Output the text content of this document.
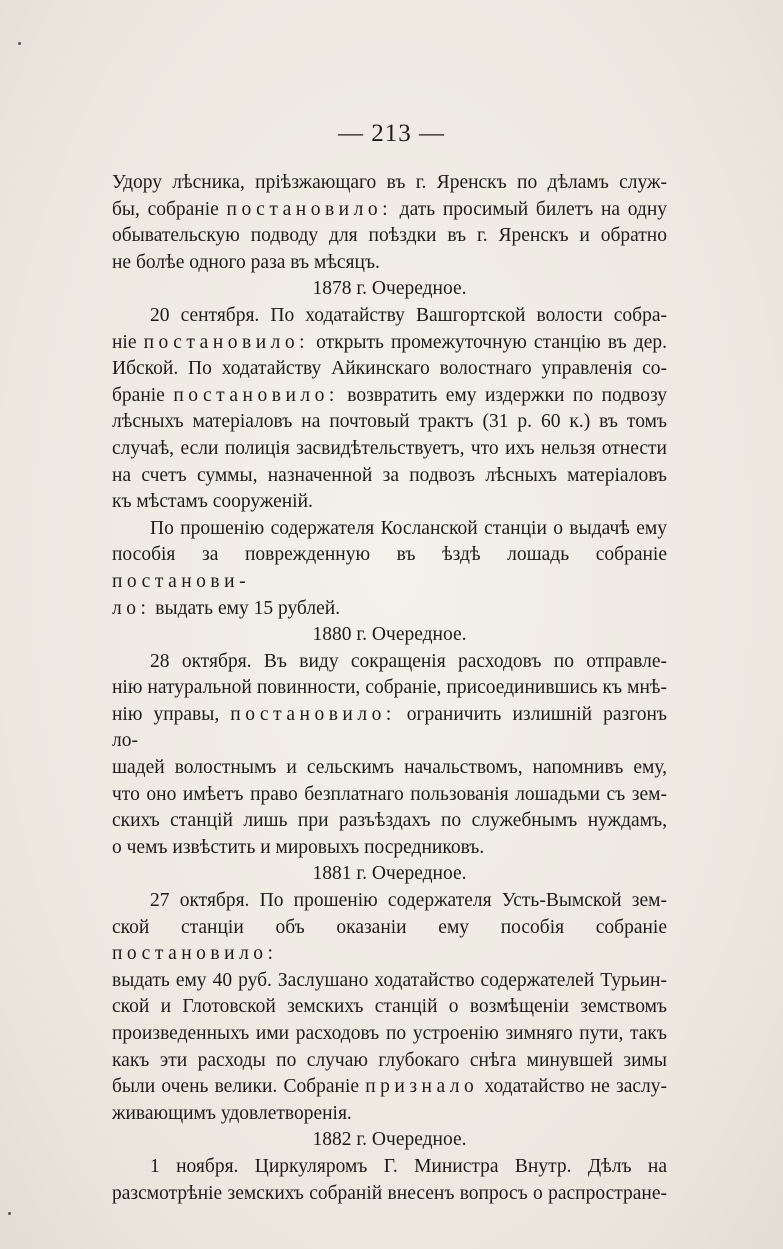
— 213 —

Удору лѣсника, пріѣзжающаго въ г. Яренскъ по дѣламъ служ-

бы, собраніе постановило: дать просимый билетъ на одну

обывательскую подводу для поѣздки въ г. Яренскъ и обратно

не болѣе одного раза въ мѣсяцъ.

1878 г. Очередное.

20 сентября. По ходатайству Вашгортской волости собра-

ніе постановило: открыть промежуточную станцію въ дер.

Ибской. По ходатайству Айкинскаго волостнаго управленія со-

браніе постановило: возвратить ему издержки по подвозу

лѣсныхъ матеріаловъ на почтовый трактъ (31 р. 60 к.) въ томъ

случаѣ, если полиція засвидѣтельствуетъ, что ихъ нельзя отнести

на счетъ суммы, назначенной за подвозъ лѣсныхъ матеріаловъ

къ мѣстамъ сооруженій.

По прошенію содержателя Косланской станціи о выдачѣ ему

пособія за поврежденную въ ѣздѣ лошадь собраніе постанови-

ло: выдать ему 15 рублей.

1880 г. Очередное.

28 октября. Въ виду сокращенія расходовъ по отправле-

нію натуральной повинности, собраніе, присоединившись къ мнѣ-

нію управы, постановило: ограничить излишній разгонъ ло-

шадей волостнымъ и сельскимъ начальствомъ, напомнивъ ему,

что оно имѣетъ право безплатнаго пользованія лошадьми съ зем-

скихъ станцій лишь при разъѣздахъ по служебнымъ нуждамъ,

о чемъ извѣстить и мировыхъ посредниковъ.

1881 г. Очередное.

27 октября. По прошенію содержателя Усть-Вымской зем-

ской станціи объ оказаніи ему пособія собраніе постановило:

выдать ему 40 руб. Заслушано ходатайство содержателей Турьин-

ской и Глотовской земскихъ станцій о возмѣщеніи земствомъ

произведенныхъ ими расходовъ по устроенію зимняго пути, такъ

какъ эти расходы по случаю глубокаго снѣга минувшей зимы

были очень велики. Собраніе признало ходатайство не заслу-

живающимъ удовлетворенія.

1882 г. Очередное.

1 ноября. Циркуляромъ Г. Министра Внутр. Дѣлъ на

разсмотрѣніе земскихъ собраній внесенъ вопросъ о распростране-
